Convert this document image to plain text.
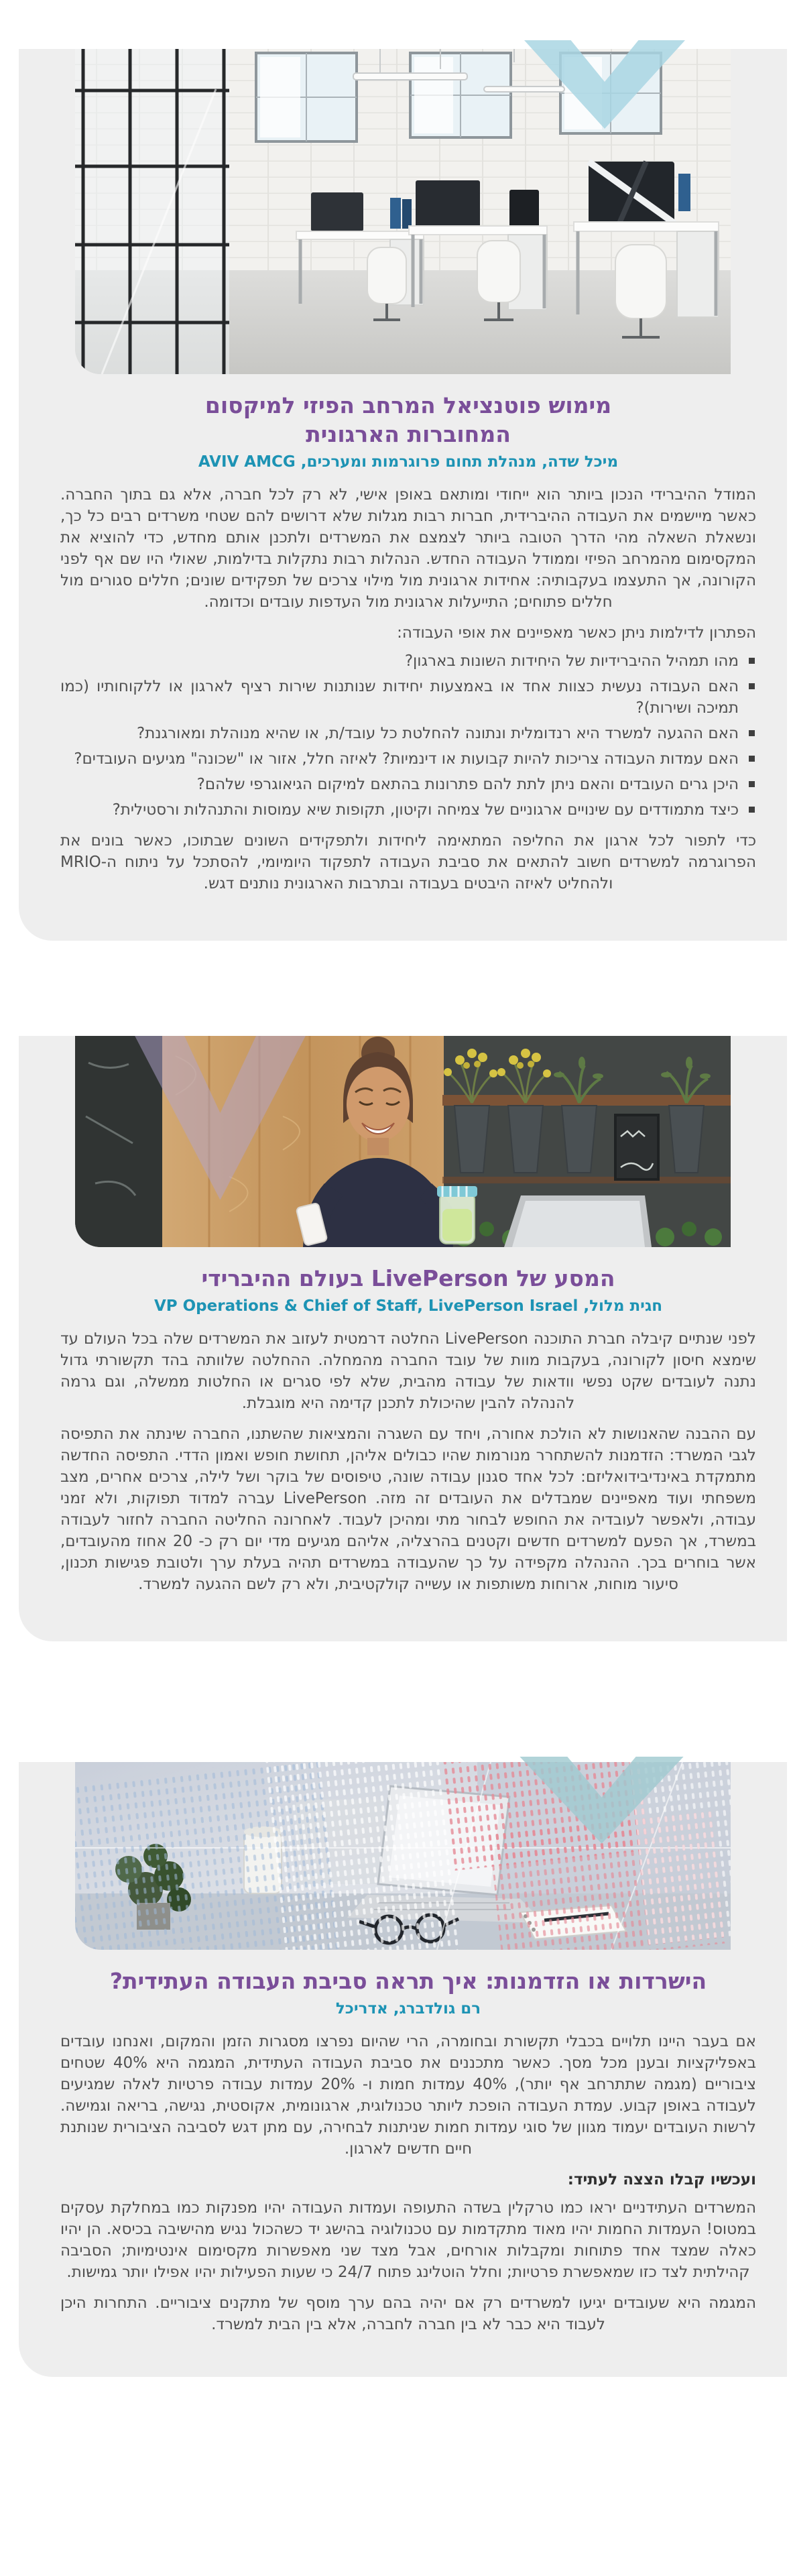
מימוש פוטנציאל המרחב הפיזי למיקסום
המחוברות הארגונית
מיכל שדה, מנהלת תחום פרוגרמות ומערכים, AVIV AMCG

המודל ההיברידי הנכון ביותר הוא ייחודי ומותאם באופן אישי, לא רק לכל חברה, אלא גם בתוך החברה. כאשר מיישמים את העבודה ההיברידית, חברות רבות מגלות שלא דרושים להם שטחי משרדים רבים כל כך, ונשאלת השאלה מהי הדרך הטובה ביותר לצמצם את המשרדים ולתכנן אותם מחדש, כדי להוציא את המקסימום מהמרחב הפיזי וממודל העבודה החדש. הנהלות רבות נתקלות בדילמות, שאולי היו שם אף לפני הקורונה, אך התעצמו בעקבותיה: אחידות ארגונית מול מילוי צרכים של תפקידים שונים; חללים סגורים מול חללים פתוחים; התייעלות ארגונית מול העדפות עובדים וכדומה.

הפתרון לדילמות ניתן כאשר מאפיינים את אופי העבודה:
מהו תמהיל ההיברידיות של היחידות השונות בארגון?
האם העבודה נעשית כצוות אחד או באמצעות יחידות שנותנות שירות רציף לארגון או ללקוחותיו (כמו תמיכה ושירות)?
האם ההגעה למשרד היא רנדומלית ונתונה להחלטת כל עובד/ת, או שהיא מנוהלת ומאורגנת?
האם עמדות העבודה צריכות להיות קבועות או דינמיות? לאיזה חלל, אזור או "שכונה" מגיעים העובדים?
היכן גרים העובדים והאם ניתן לתת להם פתרונות בהתאם למיקום הגיאוגרפי שלהם?
כיצד מתמודדים עם שינויים ארגוניים של צמיחה וקיטון, תקופות שיא עמוסות והתנהלות ורסטילית?

כדי לתפור לכל ארגון את החליפה המתאימה ליחידות ולתפקידים השונים שבתוכו, כאשר בונים את הפרוגרמה למשרדים חשוב להתאים את סביבת העבודה לתפקוד היומיומי, להסתכל על ניתוח ה-MRIO ולהחליט לאיזה היבטים בעבודה ובתרבות הארגונית נותנים דגש.

המסע של LivePerson בעולם ההיברידי
חגית מלול, VP Operations & Chief of Staff, LivePerson Israel

לפני שנתיים קיבלה חברת התוכנה LivePerson החלטה דרמטית לעזוב את המשרדים שלה בכל העולם עד שימצא חיסון לקורונה, בעקבות מוות של עובד החברה מהמחלה. ההחלטה שלוותה בהד תקשורתי גדול נתנה לעובדים שקט נפשי וודאות של עבודה מהבית, שלא לפי סגרים או החלטות ממשלה, וגם גרמה להנהלה להבין שהיכולת לתכנן קדימה היא מוגבלת.

עם ההבנה שהאנושות לא הולכת אחורה, ויחד עם השגרה והמציאות שהשתנו, החברה שינתה את התפיסה לגבי המשרד: הזדמנות להשתחרר מנורמות שהיו כבולים אליהן, תחושת חופש ואמון הדדי. התפיסה החדשה מתמקדת באינדיבידואליזם: לכל אחד סגנון עבודה שונה, טיפוסים של בוקר ושל לילה, צרכים אחרים, מצב משפחתי ועוד מאפיינים שמבדלים את העובדים זה מזה. LivePerson עברה למדוד תפוקות, ולא זמני עבודה, ולאפשר לעובדיה את החופש לבחור מתי ומהיכן לעבוד. לאחרונה החליטה החברה לחזור לעבודה במשרד, אך הפעם למשרדים חדשים וקטנים בהרצליה, אליהם מגיעים מדי יום רק כ- 20 אחוז מהעובדים, אשר בוחרים בכך. ההנהלה מקפידה על כך שהעבודה במשרדים תהיה בעלת ערך ולטובת פגישות תכנון, סיעור מוחות, ארוחות משותפות או עשייה קולקטיבית, ולא רק לשם ההגעה למשרד.

הישרדות או הזדמנות: איך תראה סביבת העבודה העתידית?
רם גולדברג, אדריכל

אם בעבר היינו תלויים בכבלי תקשורת ובחומרה, הרי שהיום נפרצו מסגרות הזמן והמקום, ואנחנו עובדים באפליקציות ובענן מכל מסך. כאשר מתכננים את סביבת העבודה העתידית, המגמה היא 40% שטחים ציבוריים (מגמה שתתרחב אף יותר), 40% עמדות חמות ו- 20% עמדות עבודה פרטיות לאלה שמגיעים לעבודה באופן קבוע. עמדת העבודה הופכת ליותר טכנולוגית, ארגונומית, אקוסטית, נגישה, בריאה וגמישה. לרשות העובדים יעמוד מגוון של סוגי עמדות חמות שניתנות לבחירה, עם מתן דגש לסביבה הציבורית שנותנת חיים חדשים לארגון.

ועכשיו קבלו הצצה לעתיד:

המשרדים העתידניים יראו כמו טרקלין בשדה התעופה ועמדות העבודה יהיו מפנקות כמו במחלקת עסקים במטוס! העמדות החמות יהיו מאוד מתקדמות עם טכנולוגיה בהישג יד כשהכול נגיש מהישיבה בכיסא. הן יהיו כאלה שמצד אחד פתוחות ומקבלות אורחים, אבל מצד שני מאפשרות מקסימום אינטימיות; הסביבה קהילתית לצד כזו שמאפשרת פרטיות; וחלל הוטלינג פתוח 24/7 כי שעות הפעילות יהיו אפילו יותר גמישות.

המגמה היא שעובדים יגיעו למשרדים רק אם יהיה בהם ערך מוסף של מתקנים ציבוריים. התחרות היכן לעבוד היא כבר לא בין חברה לחברה, אלא בין הבית למשרד.
